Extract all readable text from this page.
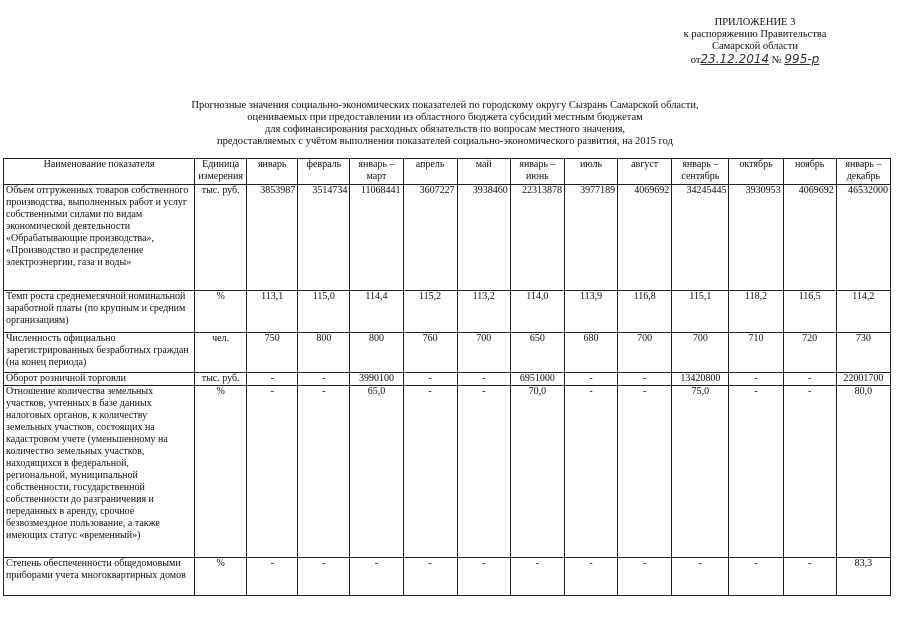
ПРИЛОЖЕНИЕ 3
к распоряжению Правительства
Самарской области
от23.12.2014 № 995-р
Прогнозные значения социально-экономических показателей по городскому округу Сызрань Самарской области,
оцениваемых при предоставлении из областного бюджета субсидий местным бюджетам
для софинансирования расходных обязательств по вопросам местного значения,
предоставляемых с учётом выполнения показателей социально-экономического развития, на 2015 год
Наименование показателя	Единица измерения	январь	февраль	январь – март	апрель	май	январь – июнь	июль	август	январь – сентябрь	октябрь	ноябрь	январь – декабрь
Объем отгруженных товаров собственного производства, выполненных работ и услуг собственными силами по видам экономической деятельности «Обрабатывающие производства», «Производство и распределение электроэнергии, газа и воды»	тыс. руб.	3853987	3514734	11068441	3607227	3938460	22313878	3977189	4069692	34245445	3930953	4069692	46532000
Темп роста среднемесячной номинальной заработной платы (по крупным и средним организациям)	%	113,1	115,0	114,4	115,2	113,2	114,0	113,9	116,8	115,1	118,2	116,5	114,2
Численность официально зарегистрированных безработных граждан (на конец периода)	чел.	750	800	800	760	700	650	680	700	700	710	720	730
Оборот розничной торговли	тыс. руб.	-	-	3990100	-	-	6951000	-	-	13420800	-	-	22001700
Отношение количества земельных участков, учтенных в базе данных налоговых органов, к количеству земельных участков, состоящих на кадастровом учете (уменьшенному на количество земельных участков, находящихся в федеральной, региональной, муниципальной собственности, государственной собственности до разграничения и переданных в аренду, срочное безвозмездное пользование, а также имеющих статус «временный»)	%	-	-	65,0	-	-	70,0	-	-	75,0	-	-	80,0
Степень обеспеченности общедомовыми приборами учета многоквартирных домов	%	-	-	-	-	-	-	-	-	-	-	-	83,3
